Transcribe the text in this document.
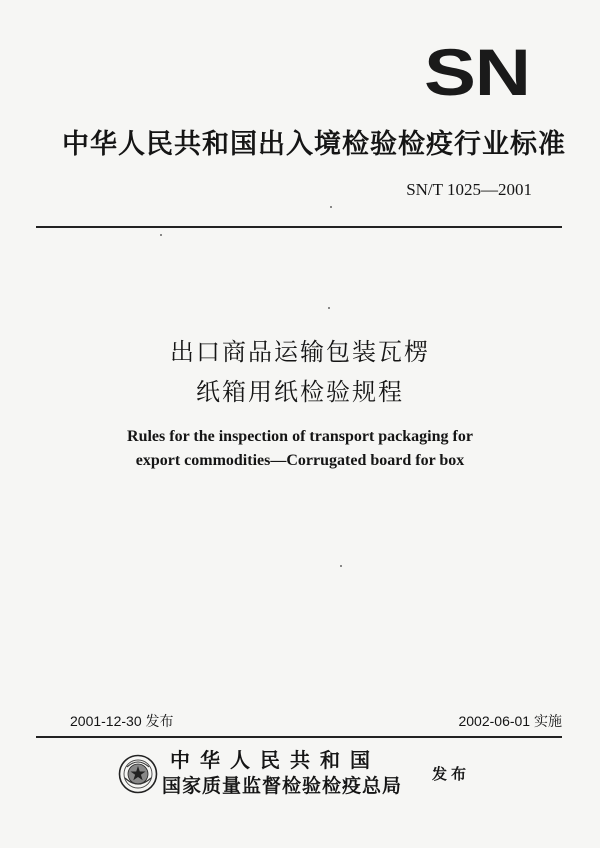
SN
中华人民共和国出入境检验检疫行业标准
SN/T 1025—2001
出口商品运输包装瓦楞
纸箱用纸检验规程
Rules for the inspection of transport packaging for
export commodities—Corrugated board for box
2001-12-30 发布	2002-06-01 实施
中华人民共和国
国家质量监督检验检疫总局
发布
